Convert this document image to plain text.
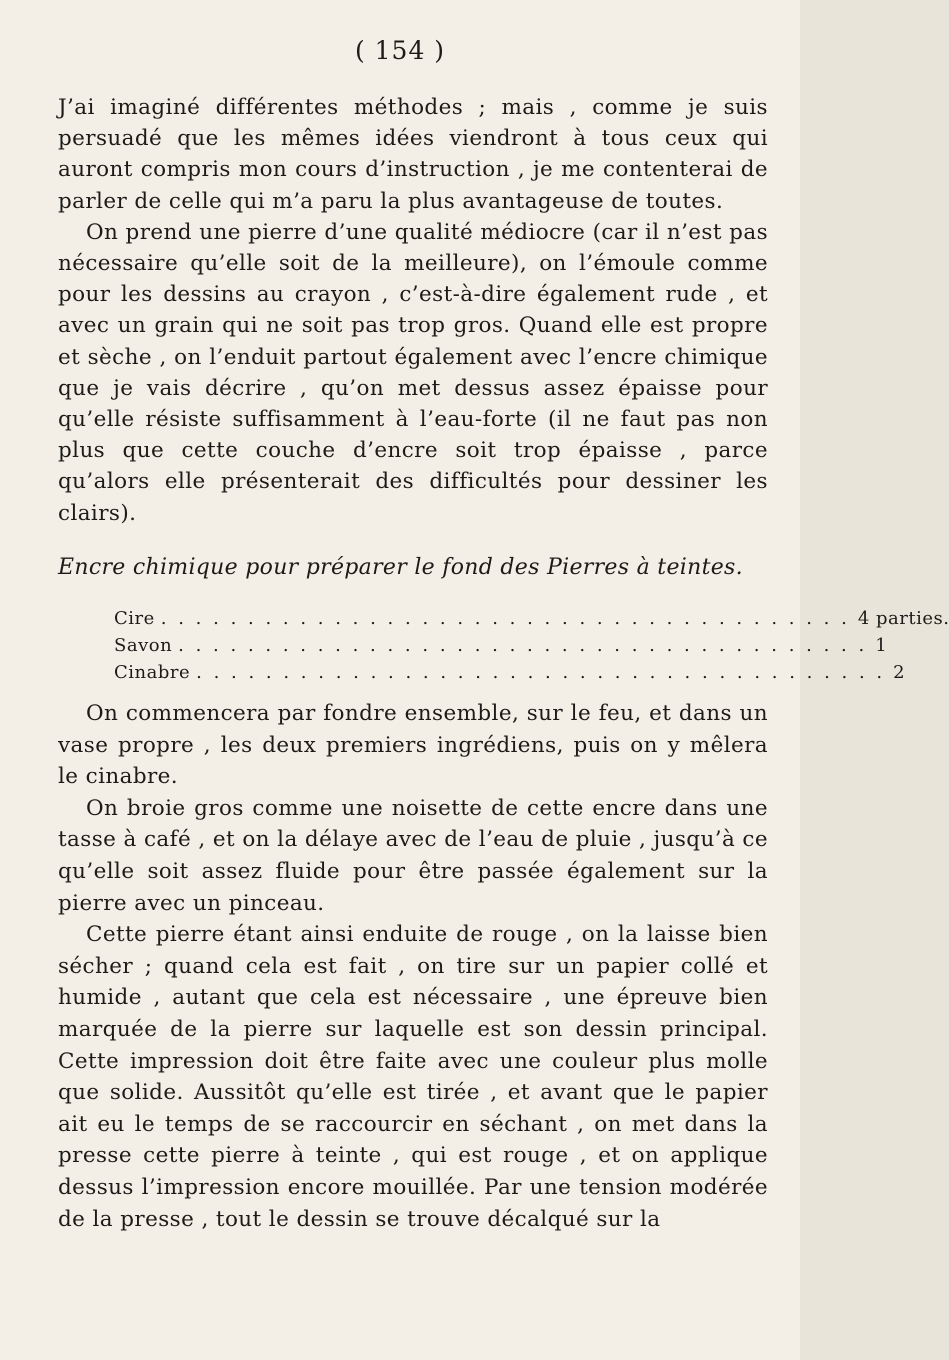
( 154 )

J’ai imaginé différentes méthodes ; mais , comme je suis persuadé que les mêmes idées viendront à tous ceux qui auront compris mon cours d’instruction , je me contenterai de parler de celle qui m’a paru la plus avantageuse de toutes.

On prend une pierre d’une qualité médiocre (car il n’est pas nécessaire qu’elle soit de la meilleure), on l’émoule comme pour les dessins au crayon , c’est-à-dire également rude , et avec un grain qui ne soit pas trop gros. Quand elle est propre et sèche , on l’enduit partout également avec l’encre chimique que je vais décrire , qu’on met dessus assez épaisse pour qu’elle résiste suffisamment à l’eau-forte (il ne faut pas non plus que cette couche d’encre soit trop épaisse , parce qu’alors elle présenterait des difficultés pour dessiner les clairs).

Encre chimique pour préparer le fond des Pierres à teintes.

Cire . . . . . . . . . . . . . . . . . . . . . . . . . . . . . . . . . . . . . . . . 4 parties.
Savon . . . . . . . . . . . . . . . . . . . . . . . . . . . . . . . . . . . . . . . . 1
Cinabre . . . . . . . . . . . . . . . . . . . . . . . . . . . . . . . . . . . . . . . . 2

On commencera par fondre ensemble, sur le feu, et dans un vase propre , les deux premiers ingrédiens, puis on y mêlera le cinabre.

On broie gros comme une noisette de cette encre dans une tasse à café , et on la délaye avec de l’eau de pluie , jusqu’à ce qu’elle soit assez fluide pour être passée également sur la pierre avec un pinceau.

Cette pierre étant ainsi enduite de rouge , on la laisse bien sécher ; quand cela est fait , on tire sur un papier collé et humide , autant que cela est nécessaire , une épreuve bien marquée de la pierre sur laquelle est son dessin principal. Cette impression doit être faite avec une couleur plus molle que solide. Aussitôt qu’elle est tirée , et avant que le papier ait eu le temps de se raccourcir en séchant , on met dans la presse cette pierre à teinte , qui est rouge , et on applique dessus l’impression encore mouillée. Par une tension modérée de la presse , tout le dessin se trouve décalqué sur la
